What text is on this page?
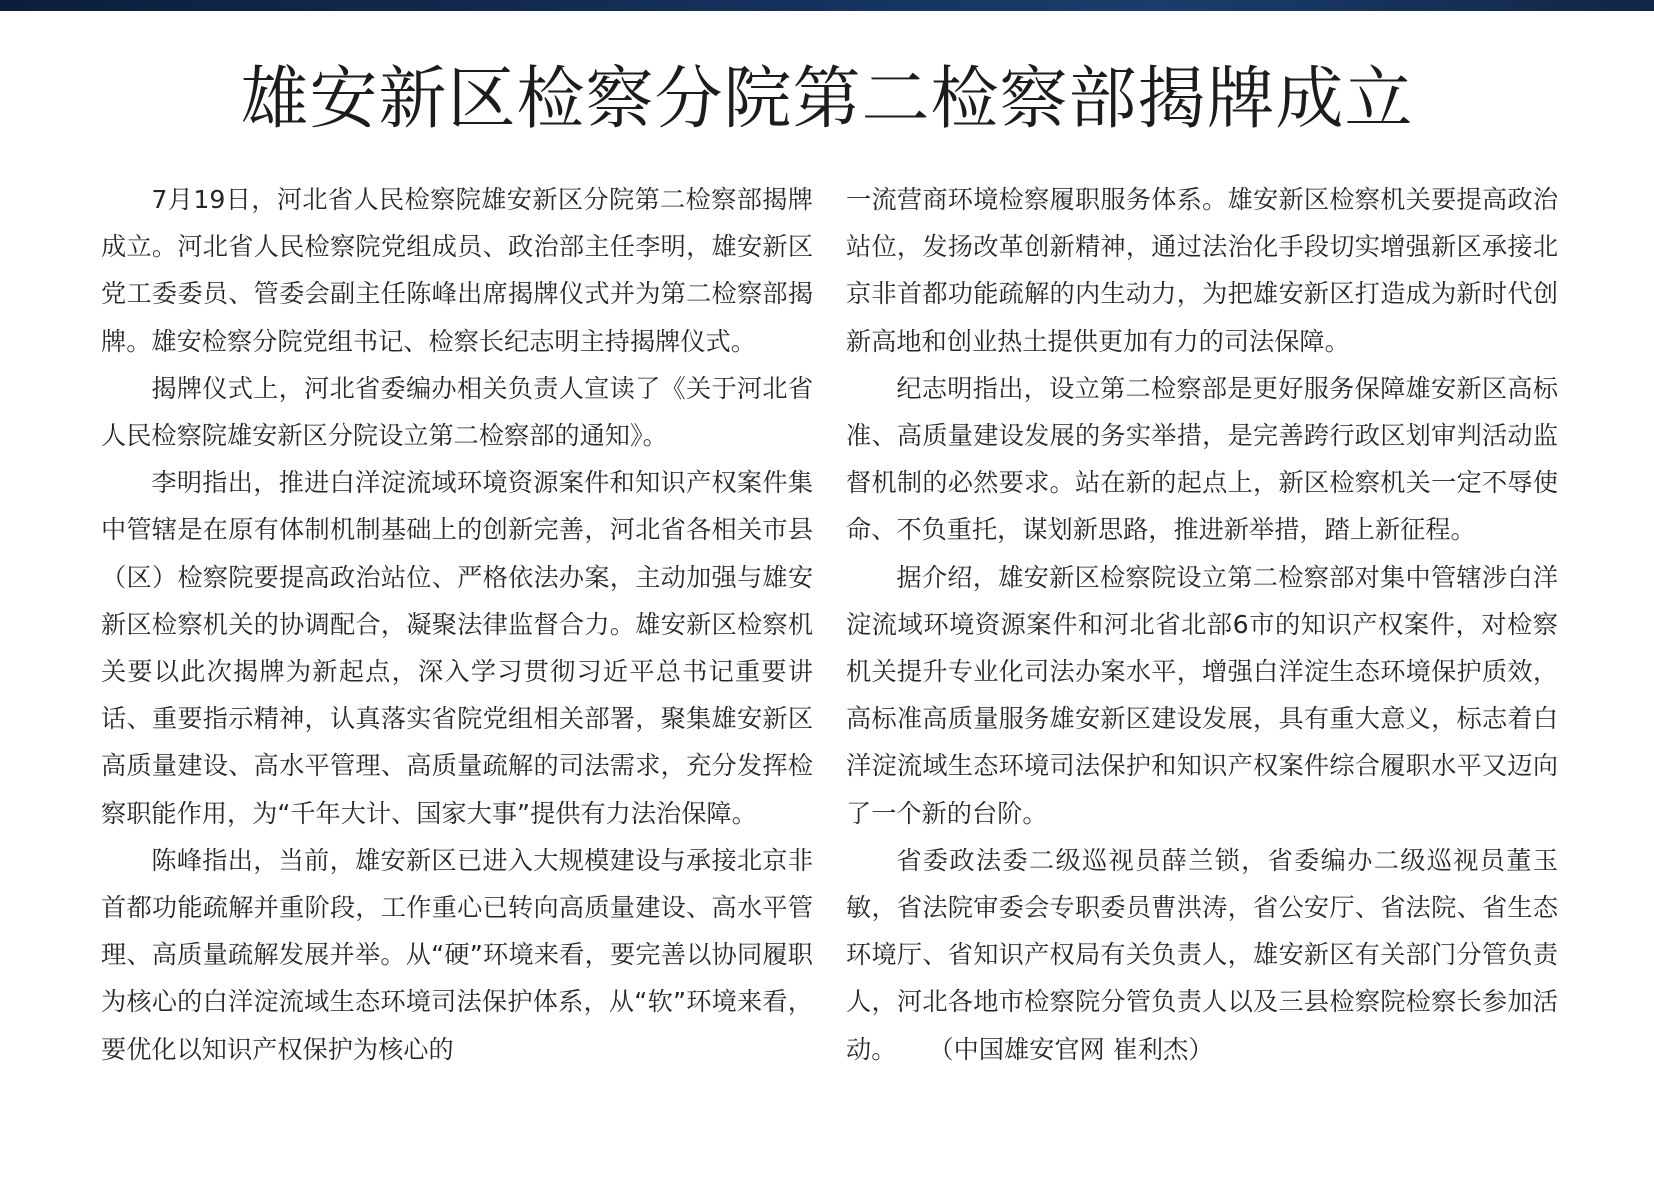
雄安新区检察分院第二检察部揭牌成立

7月19日，河北省人民检察院雄安新区分院第二检察部揭牌成立。河北省人民检察院党组成员、政治部主任李明，雄安新区党工委委员、管委会副主任陈峰出席揭牌仪式并为第二检察部揭牌。雄安检察分院党组书记、检察长纪志明主持揭牌仪式。

揭牌仪式上，河北省委编办相关负责人宣读了《关于河北省人民检察院雄安新区分院设立第二检察部的通知》。

李明指出，推进白洋淀流域环境资源案件和知识产权案件集中管辖是在原有体制机制基础上的创新完善，河北省各相关市县（区）检察院要提高政治站位、严格依法办案，主动加强与雄安新区检察机关的协调配合，凝聚法律监督合力。雄安新区检察机关要以此次揭牌为新起点，深入学习贯彻习近平总书记重要讲话、重要指示精神，认真落实省院党组相关部署，聚集雄安新区高质量建设、高水平管理、高质量疏解的司法需求，充分发挥检察职能作用，为“千年大计、国家大事”提供有力法治保障。

陈峰指出，当前，雄安新区已进入大规模建设与承接北京非首都功能疏解并重阶段，工作重心已转向高质量建设、高水平管理、高质量疏解发展并举。从“硬”环境来看，要完善以协同履职为核心的白洋淀流域生态环境司法保护体系，从“软”环境来看，要优化以知识产权保护为核心的

一流营商环境检察履职服务体系。雄安新区检察机关要提高政治站位，发扬改革创新精神，通过法治化手段切实增强新区承接北京非首都功能疏解的内生动力，为把雄安新区打造成为新时代创新高地和创业热土提供更加有力的司法保障。

纪志明指出，设立第二检察部是更好服务保障雄安新区高标准、高质量建设发展的务实举措，是完善跨行政区划审判活动监督机制的必然要求。站在新的起点上，新区检察机关一定不辱使命、不负重托，谋划新思路，推进新举措，踏上新征程。

据介绍，雄安新区检察院设立第二检察部对集中管辖涉白洋淀流域环境资源案件和河北省北部6市的知识产权案件，对检察机关提升专业化司法办案水平，增强白洋淀生态环境保护质效，高标准高质量服务雄安新区建设发展，具有重大意义，标志着白洋淀流域生态环境司法保护和知识产权案件综合履职水平又迈向了一个新的台阶。

省委政法委二级巡视员薛兰锁，省委编办二级巡视员董玉敏，省法院审委会专职委员曹洪涛，省公安厅、省法院、省生态环境厅、省知识产权局有关负责人，雄安新区有关部门分管负责人，河北各地市检察院分管负责人以及三县检察院检察长参加活动。 （中国雄安官网 崔利杰）
